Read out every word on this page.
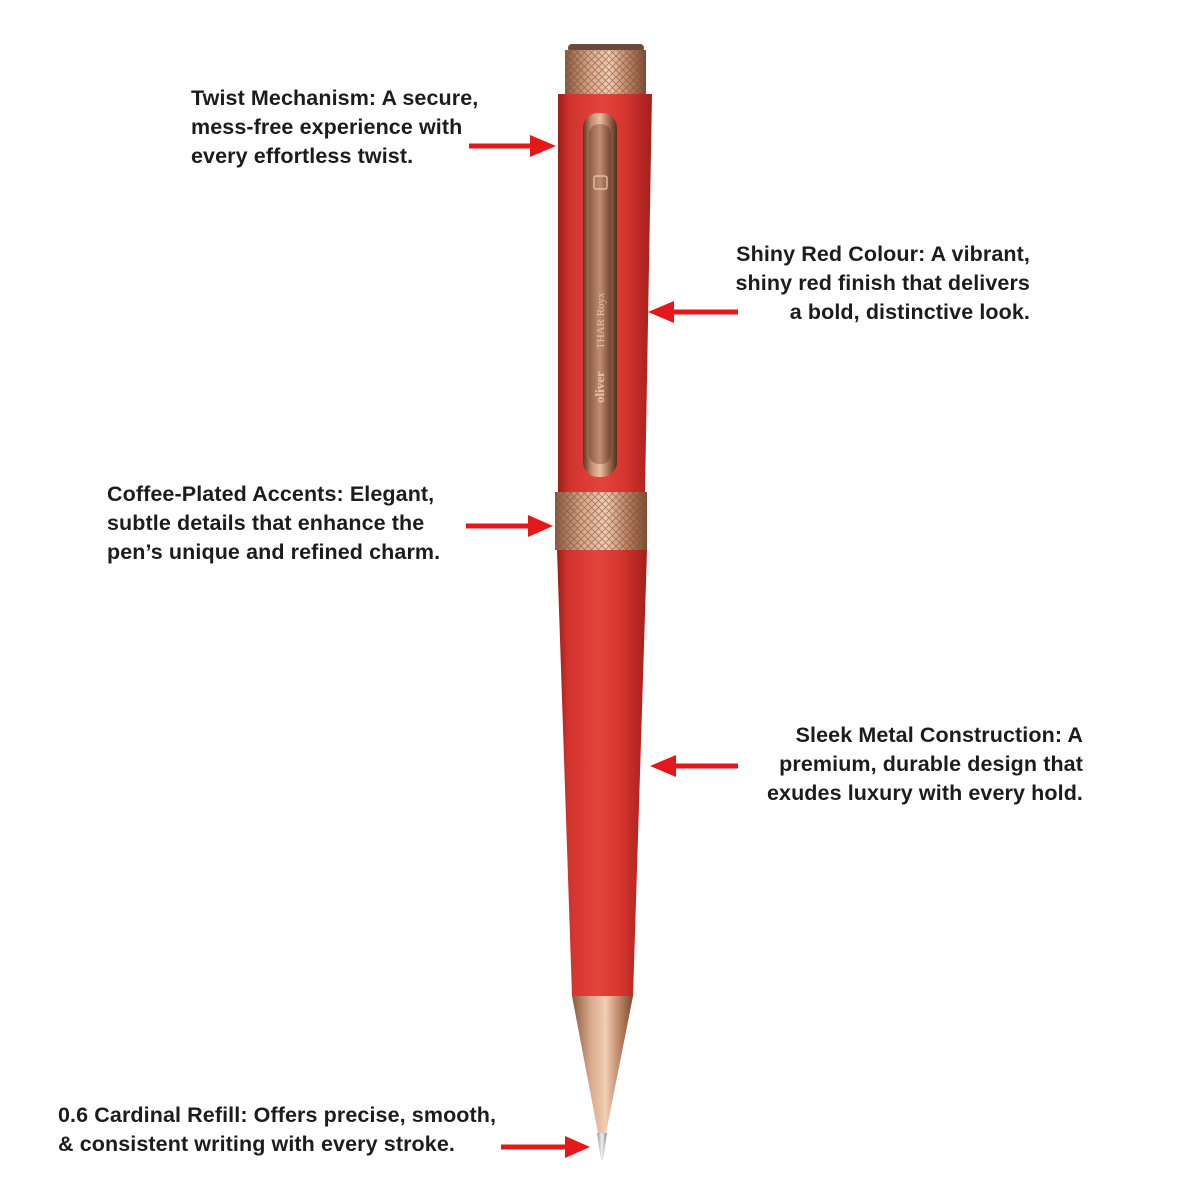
oliver
THAR Royx
Twist Mechanism: A secure,
mess-free experience with
every effortless twist.
Shiny Red Colour: A vibrant,
shiny red finish that delivers
a bold, distinctive look.
Coffee-Plated Accents: Elegant,
subtle details that enhance the
pen’s unique and refined charm.
Sleek Metal Construction: A
premium, durable design that
exudes luxury with every hold.
0.6 Cardinal Refill: Offers precise, smooth,
& consistent writing with every stroke.
